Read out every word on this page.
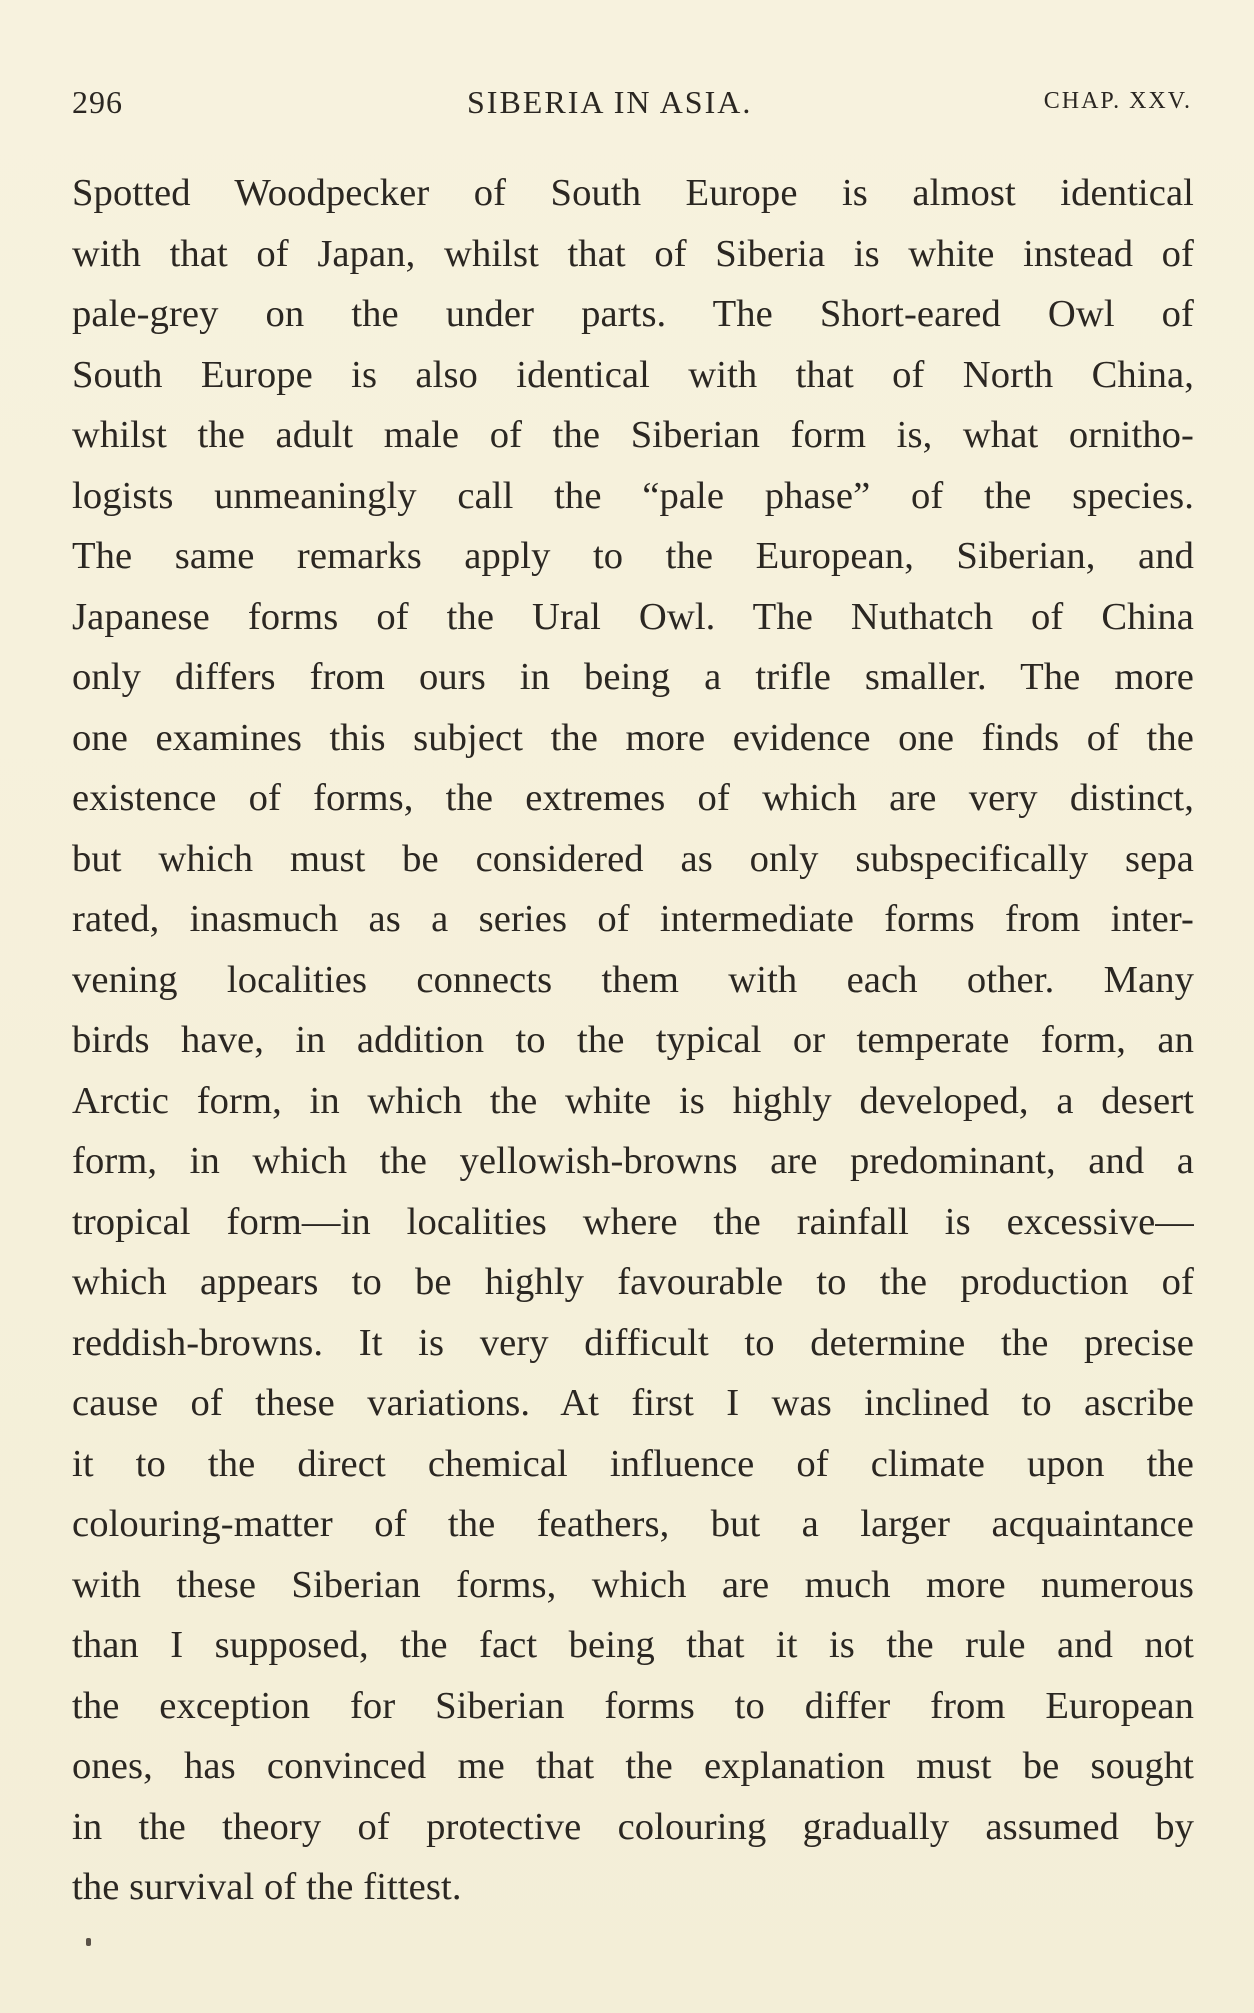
296	SIBERIA IN ASIA.	CHAP. XXV.
Spotted Woodpecker of South Europe is almost identical
with that of Japan, whilst that of Siberia is white instead of
pale-grey on the under parts. The Short-eared Owl of
South Europe is also identical with that of North China,
whilst the adult male of the Siberian form is, what ornitho-
logists unmeaningly call the “pale phase” of the species.
The same remarks apply to the European, Siberian, and
Japanese forms of the Ural Owl. The Nuthatch of China
only differs from ours in being a trifle smaller. The more
one examines this subject the more evidence one finds of the
existence of forms, the extremes of which are very distinct,
but which must be considered as only subspecifically sepa
rated, inasmuch as a series of intermediate forms from inter-
vening localities connects them with each other. Many
birds have, in addition to the typical or temperate form, an
Arctic form, in which the white is highly developed, a desert
form, in which the yellowish-browns are predominant, and a
tropical form—in localities where the rainfall is excessive—
which appears to be highly favourable to the production of
reddish-browns. It is very difficult to determine the precise
cause of these variations. At first I was inclined to ascribe
it to the direct chemical influence of climate upon the
colouring-matter of the feathers, but a larger acquaintance
with these Siberian forms, which are much more numerous
than I supposed, the fact being that it is the rule and not
the exception for Siberian forms to differ from European
ones, has convinced me that the explanation must be sought
in the theory of protective colouring gradually assumed by
the survival of the fittest.
